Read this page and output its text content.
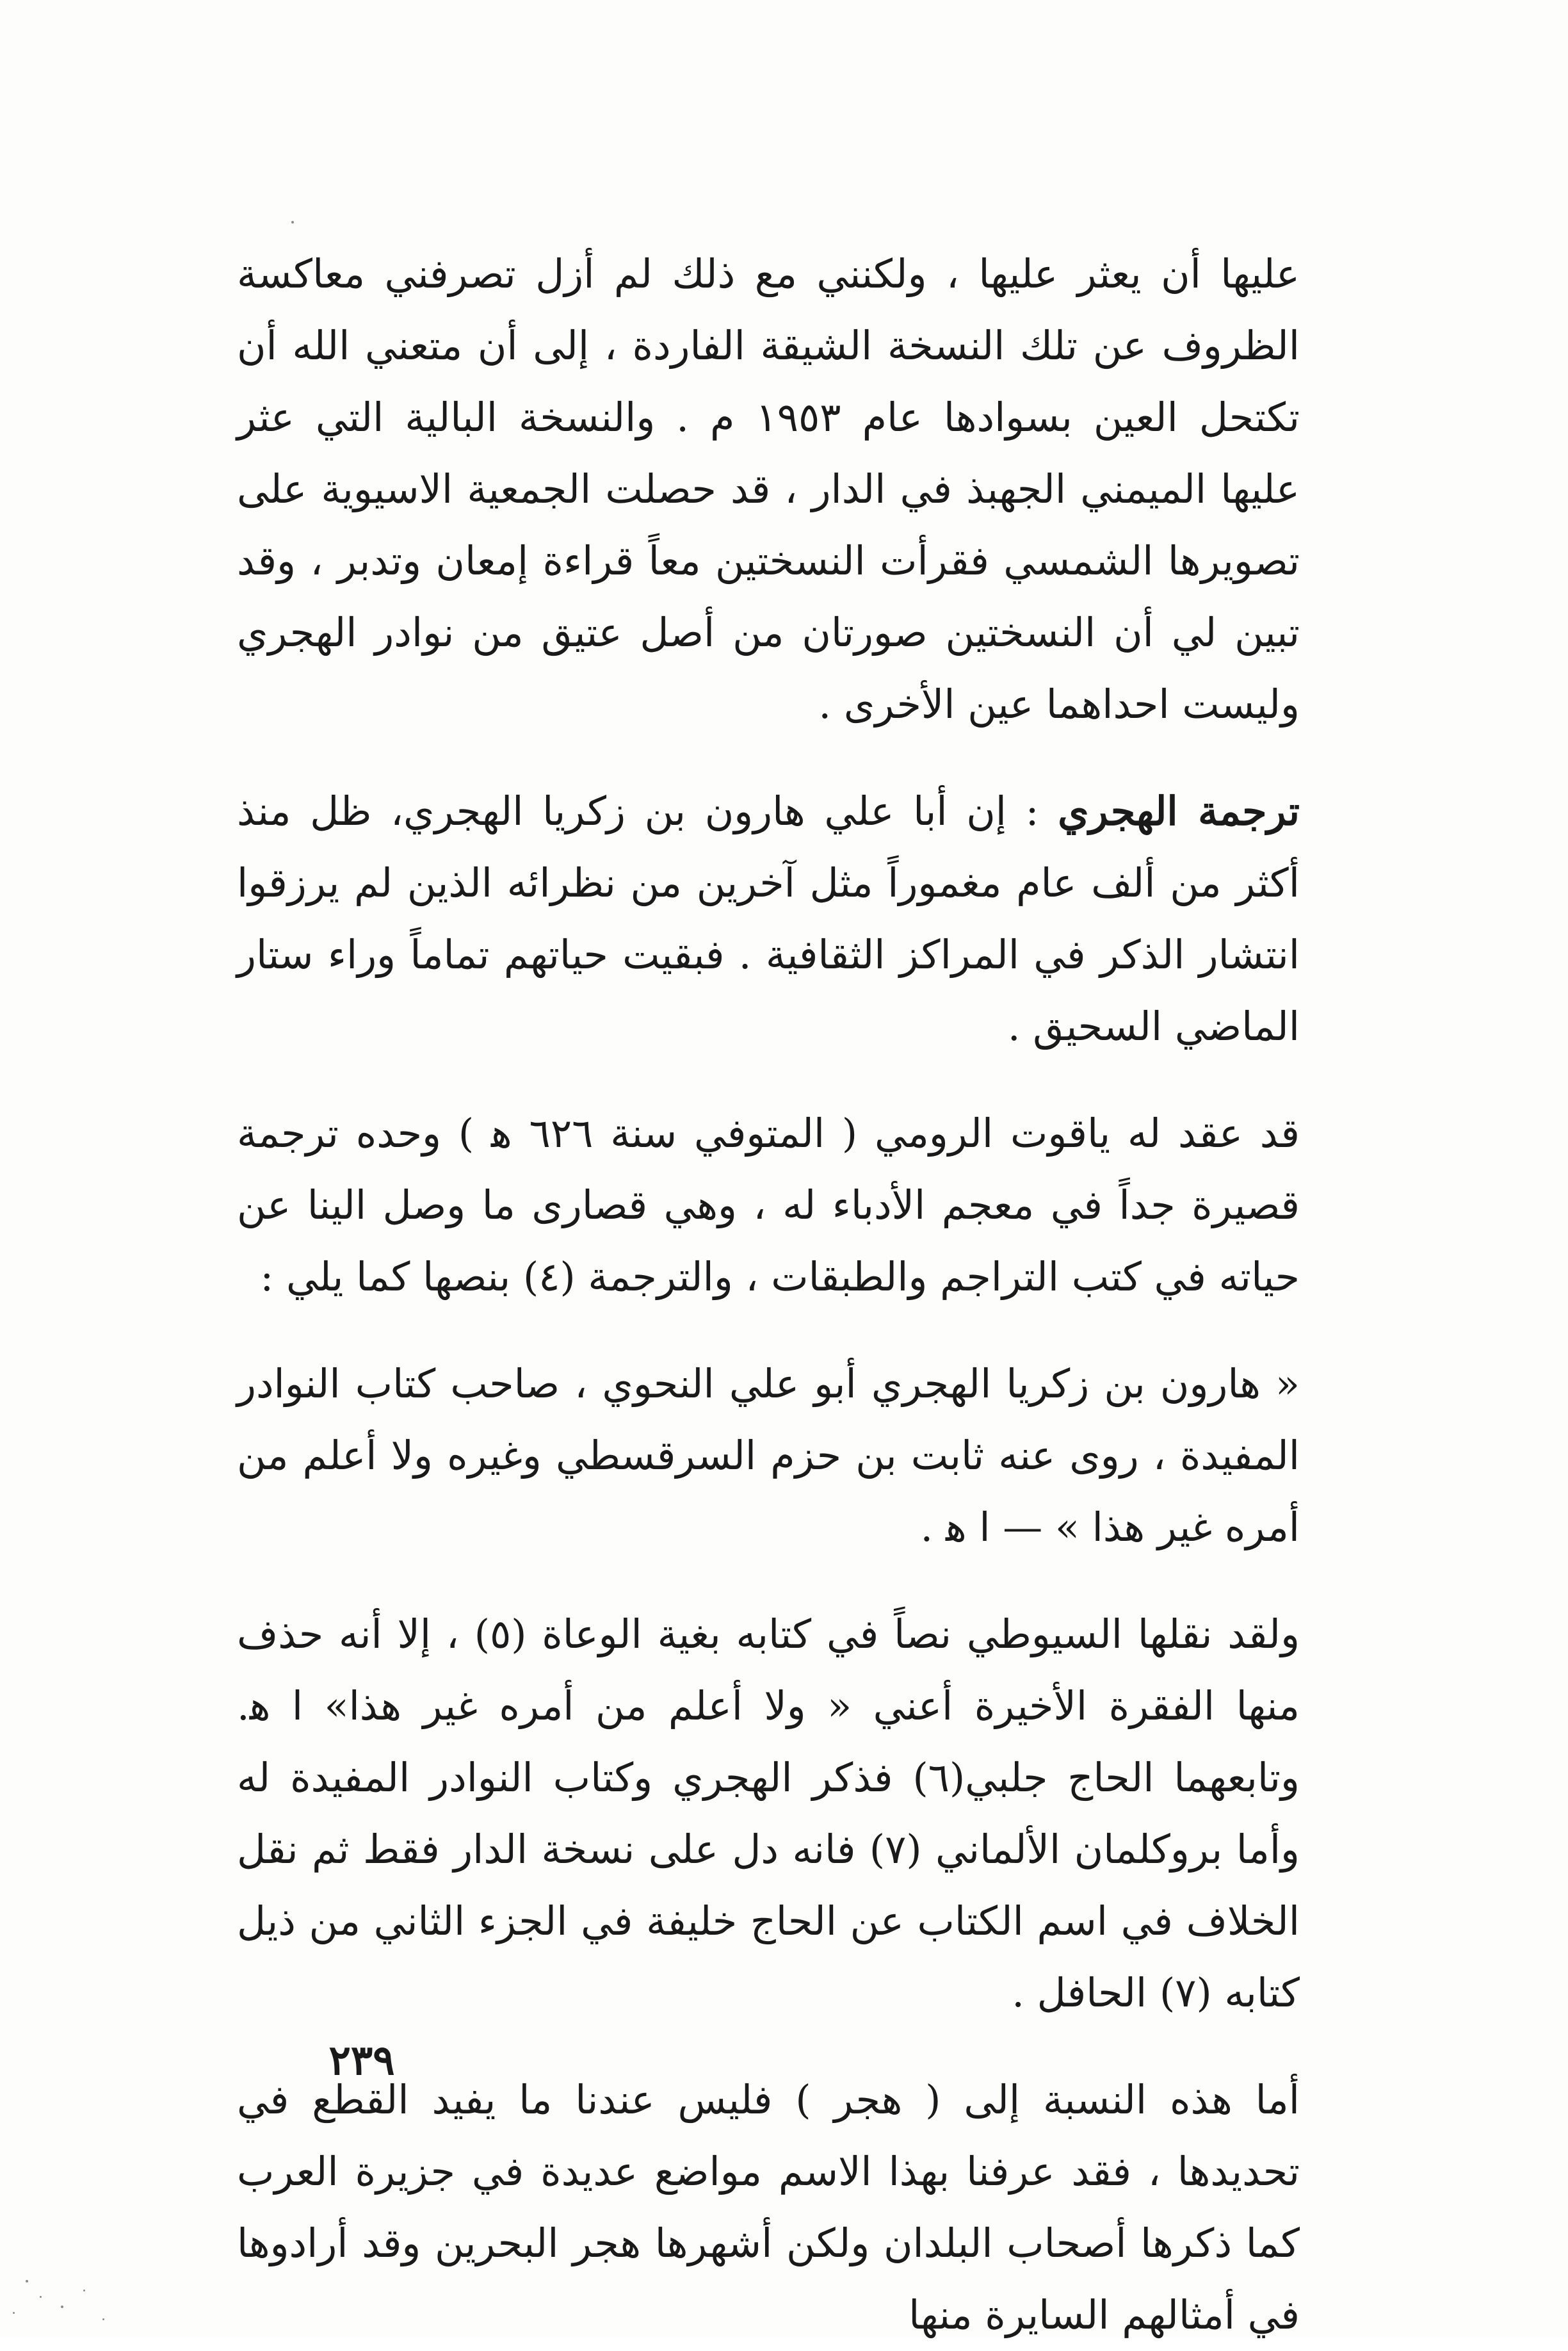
عليها أن يعثر عليها ، ولكنني مع ذلك لم أزل تصرفني معاكسة الظروف عن تلك النسخة الشيقة الفاردة ، إلى أن متعني الله أن تكتحل العين بسوادها عام ١٩٥٣ م . والنسخة البالية التي عثر عليها الميمني الجهبذ في الدار ، قد حصلت الجمعية الاسيوية على تصويرها الشمسي فقرأت النسختين معاً قراءة إمعان وتدبر ، وقد تبين لي أن النسختين صورتان من أصل عتيق من نوادر الهجري وليست احداهما عين الأخرى .

ترجمة الهجري : إن أبا علي هارون بن زكريا الهجري، ظل منذ أكثر من ألف عام مغموراً مثل آخرين من نظرائه الذين لم يرزقوا انتشار الذكر في المراكز الثقافية . فبقيت حياتهم تماماً وراء ستار الماضي السحيق .

قد عقد له ياقوت الرومي ( المتوفي سنة ٦٢٦ ﻫ ) وحده ترجمة قصيرة جداً في معجم الأدباء له ، وهي قصارى ما وصل الينا عن حياته في كتب التراجم والطبقات ، والترجمة (٤) بنصها كما يلي :

« هارون بن زكريا الهجري أبو علي النحوي ، صاحب كتاب النوادر المفيدة ، روى عنه ثابت بن حزم السرقسطي وغيره ولا أعلم من أمره غير هذا » — ا ﻫ .

ولقد نقلها السيوطي نصاً في كتابه بغية الوعاة (٥) ، إلا أنه حذف منها الفقرة الأخيرة أعني « ولا أعلم من أمره غير هذا» ا ﻫ. وتابعهما الحاج جلبي(٦) فذكر الهجري وكتاب النوادر المفيدة له وأما بروكلمان الألماني (٧) فانه دل على نسخة الدار فقط ثم نقل الخلاف في اسم الكتاب عن الحاج خليفة في الجزء الثاني من ذيل كتابه (٧) الحافل .

أما هذه النسبة إلى ( هجر ) فليس عندنا ما يفيد القطع في تحديدها ، فقد عرفنا بهذا الاسم مواضع عديدة في جزيرة العرب كما ذكرها أصحاب البلدان ولكن أشهرها هجر البحرين وقد أرادوها في أمثالهم السايرة منها

٢٣٩
